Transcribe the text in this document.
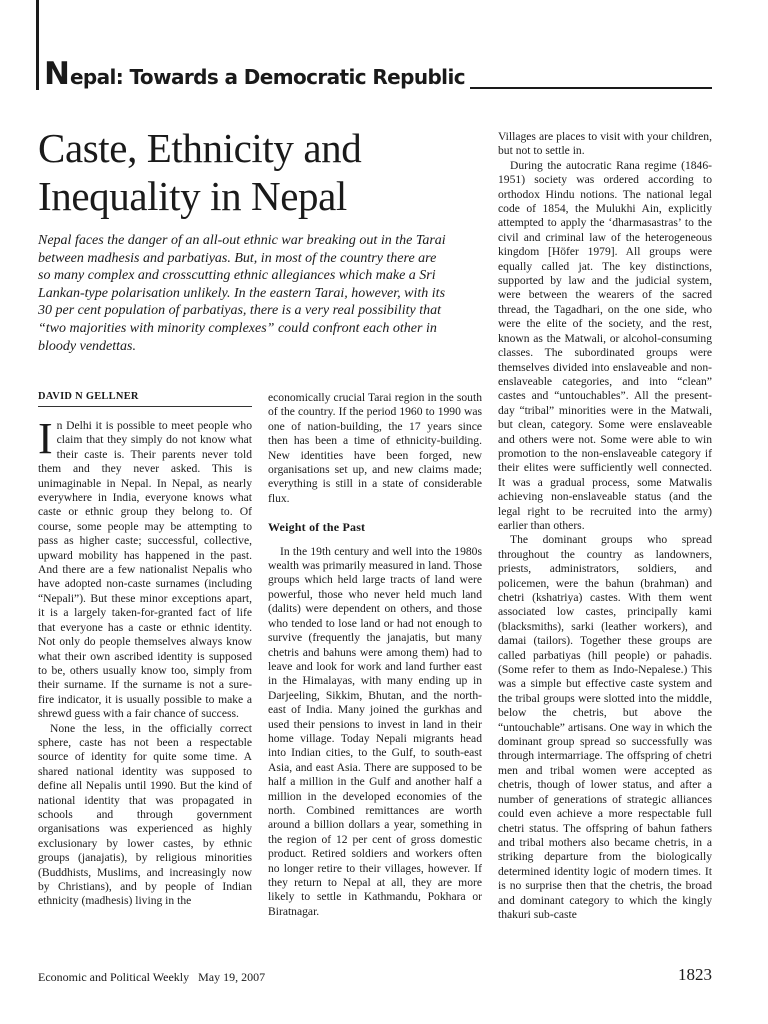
Nepal: Towards a Democratic Republic
Caste, Ethnicity and Inequality in Nepal

Nepal faces the danger of an all-out ethnic war breaking out in the Tarai between madhesis and parbatiyas. But, in most of the country there are so many complex and crosscutting ethnic allegiances which make a Sri Lankan-type polarisation unlikely. In the eastern Tarai, however, with its 30 per cent population of parbatiyas, there is a very real possibility that “two majorities with minority complexes” could confront each other in bloody vendettas.

DAVID N GELLNER

In Delhi it is possible to meet people who claim that they simply do not know what their caste is. Their parents never told them and they never asked. This is unimaginable in Nepal. In Nepal, as nearly everywhere in India, everyone knows what caste or ethnic group they belong to. Of course, some people may be attempting to pass as higher caste; successful, collective, upward mobility has happened in the past. And there are a few nationalist Nepalis who have adopted non-caste surnames (including “Nepali”). But these minor exceptions apart, it is a largely taken-for-granted fact of life that everyone has a caste or ethnic identity. Not only do people themselves always know what their own ascribed identity is supposed to be, others usually know too, simply from their surname. If the surname is not a sure-fire indicator, it is usually possible to make a shrewd guess with a fair chance of success.

None the less, in the officially correct sphere, caste has not been a respectable source of identity for quite some time. A shared national identity was supposed to define all Nepalis until 1990. But the kind of national identity that was propagated in schools and through government organisations was experienced as highly exclusionary by lower castes, by ethnic groups (janajatis), by religious minorities (Buddhists, Muslims, and increasingly now by Christians), and by people of Indian ethnicity (madhesis) living in the

economically crucial Tarai region in the south of the country. If the period 1960 to 1990 was one of nation-building, the 17 years since then has been a time of ethnicity-building. New identities have been forged, new organisations set up, and new claims made; everything is still in a state of considerable flux.

Weight of the Past

In the 19th century and well into the 1980s wealth was primarily measured in land. Those groups which held large tracts of land were powerful, those who never held much land (dalits) were dependent on others, and those who tended to lose land or had not enough to survive (frequently the janajatis, but many chetris and bahuns were among them) had to leave and look for work and land further east in the Himalayas, with many ending up in Darjeeling, Sikkim, Bhutan, and the north-east of India. Many joined the gurkhas and used their pensions to invest in land in their home village. Today Nepali migrants head into Indian cities, to the Gulf, to south-east Asia, and east Asia. There are supposed to be half a million in the Gulf and another half a million in the developed economies of the north. Combined remittances are worth around a billion dollars a year, something in the region of 12 per cent of gross domestic product. Retired soldiers and workers often no longer retire to their villages, however. If they return to Nepal at all, they are more likely to settle in Kathmandu, Pokhara or Biratnagar.

Villages are places to visit with your children, but not to settle in.

During the autocratic Rana regime (1846-1951) society was ordered according to orthodox Hindu notions. The national legal code of 1854, the Mulukhi Ain, explicitly attempted to apply the ‘dharmasastras’ to the civil and criminal law of the heterogeneous kingdom [Höfer 1979]. All groups were equally called jat. The key distinctions, supported by law and the judicial system, were between the wearers of the sacred thread, the Tagadhari, on the one side, who were the elite of the society, and the rest, known as the Matwali, or alcohol-consuming classes. The subordinated groups were themselves divided into enslaveable and non-enslaveable categories, and into “clean” castes and “untouchables”. All the present-day “tribal” minorities were in the Matwali, but clean, category. Some were enslaveable and others were not. Some were able to win promotion to the non-enslaveable category if their elites were sufficiently well connected. It was a gradual process, some Matwalis achieving non-enslaveable status (and the legal right to be recruited into the army) earlier than others.

The dominant groups who spread throughout the country as landowners, priests, administrators, soldiers, and policemen, were the bahun (brahman) and chetri (kshatriya) castes. With them went associated low castes, principally kami (blacksmiths), sarki (leather workers), and damai (tailors). Together these groups are called parbatiyas (hill people) or pahadis. (Some refer to them as Indo-Nepalese.) This was a simple but effective caste system and the tribal groups were slotted into the middle, below the chetris, but above the “untouchable” artisans. One way in which the dominant group spread so successfully was through intermarriage. The offspring of chetri men and tribal women were accepted as chetris, though of lower status, and after a number of generations of strategic alliances could even achieve a more respectable full chetri status. The offspring of bahun fathers and tribal mothers also became chetris, in a striking departure from the biologically determined identity logic of modern times. It is no surprise then that the chetris, the broad and dominant category to which the kingly thakuri sub-caste

Economic and Political Weekly May 19, 2007	1823
